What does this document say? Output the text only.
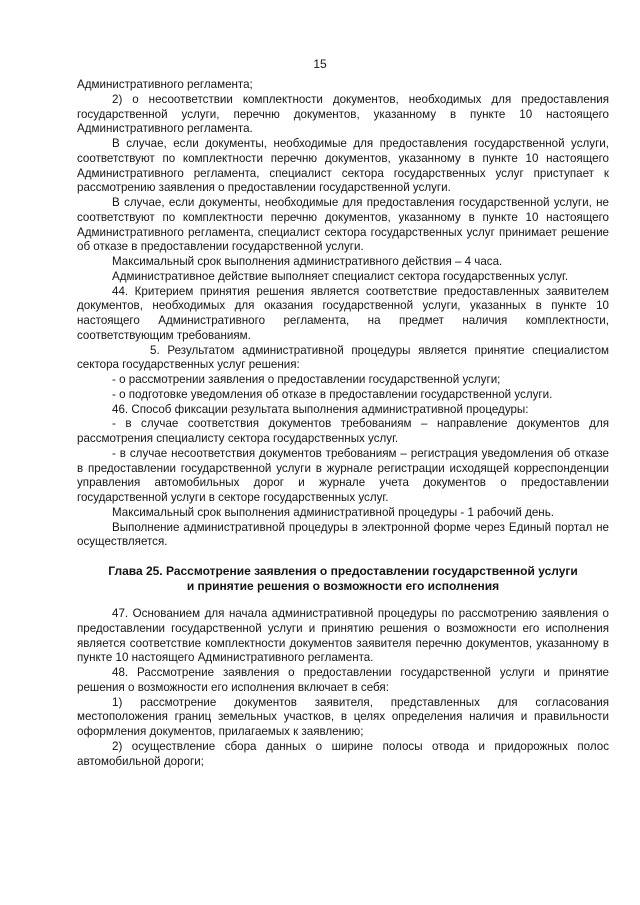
15

Административного регламента;

2) о несоответствии комплектности документов, необходимых для предоставления государственной услуги, перечню документов, указанному в пункте 10 настоящего Административного регламента.

В случае, если документы, необходимые для предоставления государственной услуги, соответствуют по комплектности перечню документов, указанному в пункте 10 настоящего Административного регламента, специалист сектора государственных услуг приступает к рассмотрению заявления о предоставлении государственной услуги.

В случае, если документы, необходимые для предоставления государственной услуги, не соответствуют по комплектности перечню документов, указанному в пункте 10 настоящего Административного регламента, специалист сектора государственных услуг принимает решение об отказе в предоставлении государственной услуги.

Максимальный срок выполнения административного действия – 4 часа.

Административное действие выполняет специалист сектора государственных услуг.

44. Критерием принятия решения является соответствие предоставленных заявителем документов, необходимых для оказания государственной услуги, указанных в пункте 10 настоящего Административного регламента, на предмет наличия комплектности, соответствующим требованиям.

5. Результатом административной процедуры является принятие специалистом сектора государственных услуг решения:

- о рассмотрении заявления о предоставлении государственной услуги;

- о подготовке уведомления об отказе в предоставлении государственной услуги.

46. Способ фиксации результата выполнения административной процедуры:

- в случае соответствия документов требованиям – направление документов для рассмотрения специалисту сектора государственных услуг.

- в случае несоответствия документов требованиям – регистрация уведомления об отказе в предоставлении государственной услуги в журнале регистрации исходящей корреспонденции управления автомобильных дорог и журнале учета документов о предоставлении государственной услуги в секторе государственных услуг.

Максимальный срок выполнения административной процедуры - 1 рабочий день.

Выполнение административной процедуры в электронной форме через Единый портал не осуществляется.

Глава 25. Рассмотрение заявления о предоставлении государственной услуги
и принятие решения о возможности его исполнения

47. Основанием для начала административной процедуры по рассмотрению заявления о предоставлении государственной услуги и принятию решения о возможности его исполнения является соответствие комплектности документов заявителя перечню документов, указанному в пункте 10 настоящего Административного регламента.

48. Рассмотрение заявления о предоставлении государственной услуги и принятие решения о возможности его исполнения включает в себя:

1) рассмотрение документов заявителя, представленных для согласования местоположения границ земельных участков, в целях определения наличия и правильности оформления документов, прилагаемых к заявлению;

2) осуществление сбора данных о ширине полосы отвода и придорожных полос автомобильной дороги;
